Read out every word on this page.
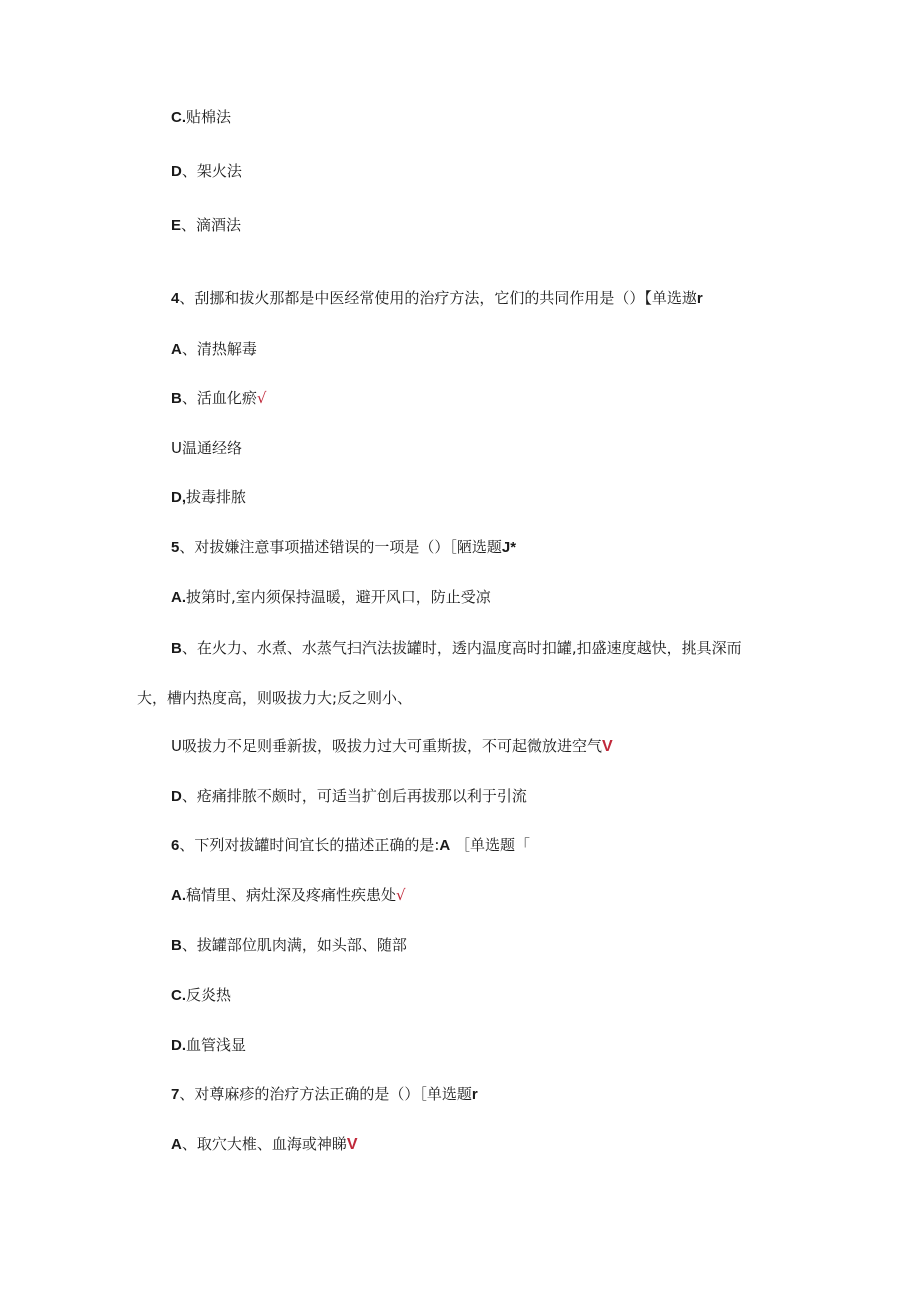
C.贴棉法
D、架火法
E、滴酒法
4、刮挪和拔火那都是中医经常使用的治疗方法，它们的共同作用是（）【单选遨r
A、清热解毒
B、活血化瘀√
U温通经络
D,拔毒排脓
5、对拔嫌注意事项描述错误的一项是（）［陋选题J*
A.披第时,室内须保持温暖，避开风口，防止受凉
B、在火力、水煮、水蒸气扫汽法拔罐时，透内温度高时扣罐,扣盛速度越快，挑具深而
大，槽内热度高，则吸拔力大;反之则小、
U吸拔力不足则垂新拔，吸拔力过大可重斯拔，不可起微放进空气V
D、疮痛排脓不颇时，可适当扩创后再拔那以利于引流
6、下列对拔罐时间宜长的描述正确的是:A ［单选题「
A.稿情里、病灶深及疼痛性疾患处√
B、拔罐部位肌肉满，如头部、随部
C.反炎热
D.血管浅显
7、对尊麻疹的治疗方法正确的是（）［单选题r
A、取穴大椎、血海或神睇V
